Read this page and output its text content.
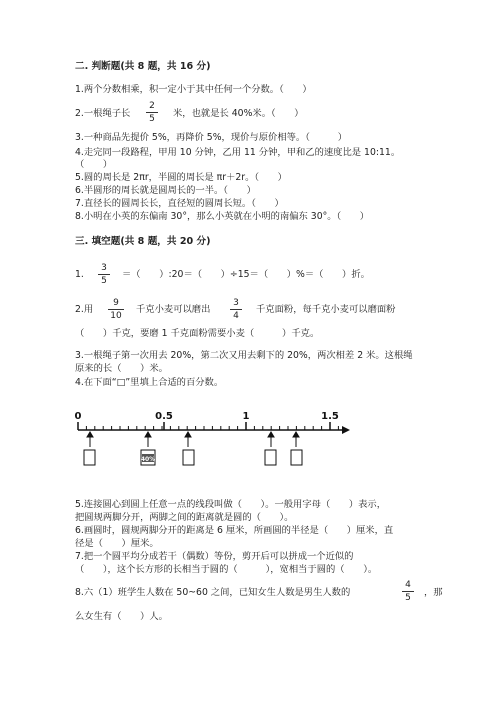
二. 判断题(共 8 题，共 16 分)
1.两个分数相乘，积一定小于其中任何一个分数。（　　）
2.一根绳子长
2
5	米，也就是长 40%米。（　　）
3.一种商品先提价 5%，再降价 5%，现价与原价相等。（　　　）
4.走完同一段路程，甲用 10 分钟，乙用 11 分钟，甲和乙的速度比是 10:11。
（　　）
5.圆的周长是 2πr，半圆的周长是 πr＋2r。（　　）
6.半圆形的周长就是圆周长的一半。（　　）
7.直径长的圆周长长，直径短的圆周长短。（　　）
8.小明在小英的东偏南 30°，那么小英就在小明的南偏东 30°。（　　）
三. 填空题(共 8 题，共 20 分)
1.
3
5
＝（　　）:20＝（　　）÷15＝（　　）%＝（　　）折。
2.用
9
10
千克小麦可以磨出
3
4
千克面粉，每千克小麦可以磨面粉
（　　）千克，要磨 1 千克面粉需要小麦（　　　）千克。
3.一根绳子第一次用去 20%，第二次又用去剩下的 20%，两次相差 2 米。这根绳
原来的长（　　）米。
4.在下面“□”里填上合适的百分数。
0	0.5	1	1.5
40%
5.连接圆心到圆上任意一点的线段叫做（　　）。一般用字母（　　）表示，
把圆规两脚分开，两脚之间的距离就是圆的（　　）。
6.画圆时，圆规两脚分开的距离是 6 厘米，所画圆的半径是（　　）厘米，直
径是（　　）厘米。
7.把一个圆平均分成若干（偶数）等份，剪开后可以拼成一个近似的
（　　），这个长方形的长相当于圆的（　　　），宽相当于圆的（　　）。
8.六（1）班学生人数在 50~60 之间，已知女生人数是男生人数的
4
5	，那
么女生有（　　）人。
